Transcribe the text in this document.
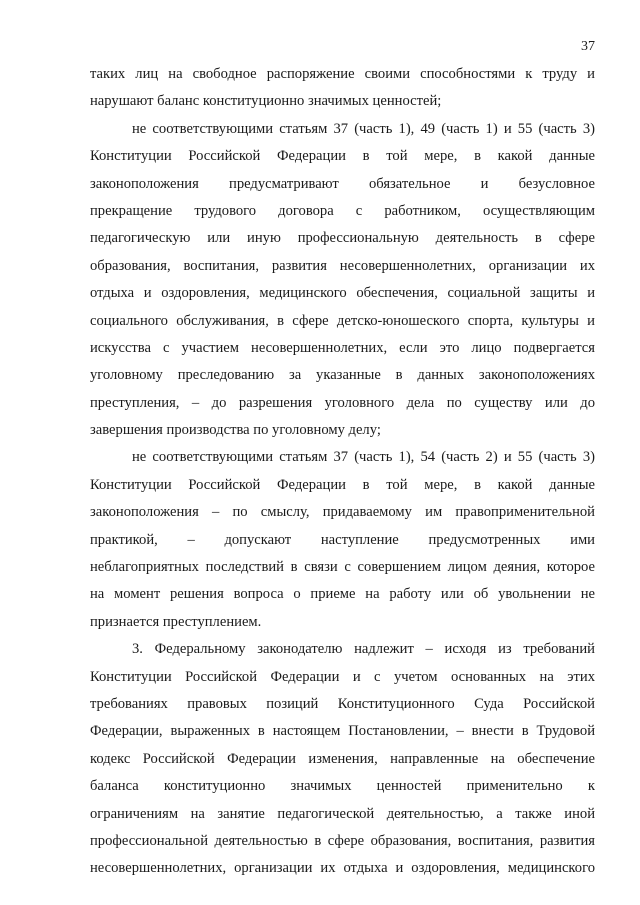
37
таких лиц на свободное распоряжение своими способностями к труду и
нарушают баланс конституционно значимых ценностей;
не соответствующими статьям 37 (часть 1), 49 (часть 1) и 55 (часть 3)
Конституции Российской Федерации в той мере, в какой данные
законоположения предусматривают обязательное и безусловное
прекращение трудового договора с работником, осуществляющим
педагогическую или иную профессиональную деятельность в сфере
образования, воспитания, развития несовершеннолетних, организации их
отдыха и оздоровления, медицинского обеспечения, социальной защиты и
социального обслуживания, в сфере детско-юношеского спорта, культуры и
искусства с участием несовершеннолетних, если это лицо подвергается
уголовному преследованию за указанные в данных законоположениях
преступления, – до разрешения уголовного дела по существу или до
завершения производства по уголовному делу;
не соответствующими статьям 37 (часть 1), 54 (часть 2) и 55 (часть 3)
Конституции Российской Федерации в той мере, в какой данные
законоположения – по смыслу, придаваемому им правоприменительной
практикой, – допускают наступление предусмотренных ими
неблагоприятных последствий в связи с совершением лицом деяния, которое
на момент решения вопроса о приеме на работу или об увольнении не
признается преступлением.
3. Федеральному законодателю надлежит – исходя из требований
Конституции Российской Федерации и с учетом основанных на этих
требованиях правовых позиций Конституционного Суда Российской
Федерации, выраженных в настоящем Постановлении, – внести в Трудовой
кодекс Российской Федерации изменения, направленные на обеспечение
баланса конституционно значимых ценностей применительно к
ограничениям на занятие педагогической деятельностью, а также иной
профессиональной деятельностью в сфере образования, воспитания, развития
несовершеннолетних, организации их отдыха и оздоровления, медицинского
